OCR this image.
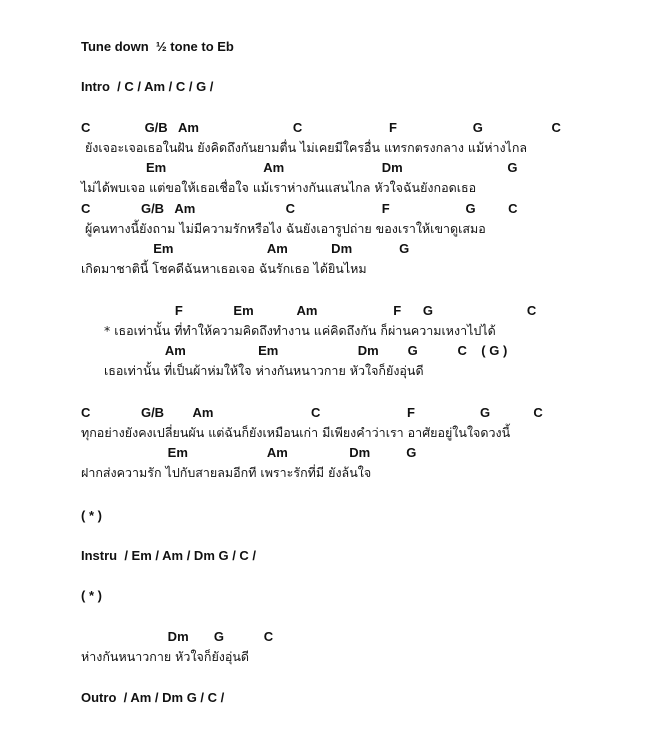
Tune down  ½ tone to Eb
Intro  / C / Am / C / G /
C               G/B   Am                          C                        F                     G                   C
ยังเจอะเจอเธอในฝัน ยังคิดถึงกันยามตื่น ไม่เคยมีใครอื่น แทรกตรงกลาง แม้ห่างไกล
Em                           Am                           Dm                             G
ไม่ได้พบเจอ แต่ขอให้เธอเชื่อใจ แม้เราห่างกันแสนไกล หัวใจฉันยังกอดเธอ
C              G/B   Am                         C                        F                     G         C
ผู้คนทางนี้ยังถาม ไม่มีความรักหรือไง ฉันยังเอารูปถ่าย ของเราให้เขาดูเสมอ
Em                          Am            Dm             G
เกิดมาชาตินี้ โชคดีฉันหาเธอเจอ ฉันรักเธอ ได้ยินไหม
F              Em            Am                     F      G                          C
* เธอเท่านั้น ที่ทำให้ความคิดถึงทำงาน แค่คิดถึงกัน ก็ผ่านความเหงาไปได้
Am                    Em                      Dm        G           C    ( G )
เธอเท่านั้น ที่เป็นผ้าห่มให้ใจ ห่างกันหนาวกาย หัวใจก็ยังอุ่นดี
C              G/B        Am                           C                        F                  G            C
ทุกอย่างยังคงเปลี่ยนผัน แต่ฉันก็ยังเหมือนเก่า มีเพียงคำว่าเรา อาศัยอยู่ในใจดวงนี้
Em                      Am                 Dm          G
ฝากส่งความรัก ไปกับสายลมอีกที เพราะรักที่มี ยังล้นใจ
( * )
Instru  / Em / Am / Dm G / C /
( * )
Dm       G           C
ห่างกันหนาวกาย หัวใจก็ยังอุ่นดี
Outro  / Am / Dm G / C /
